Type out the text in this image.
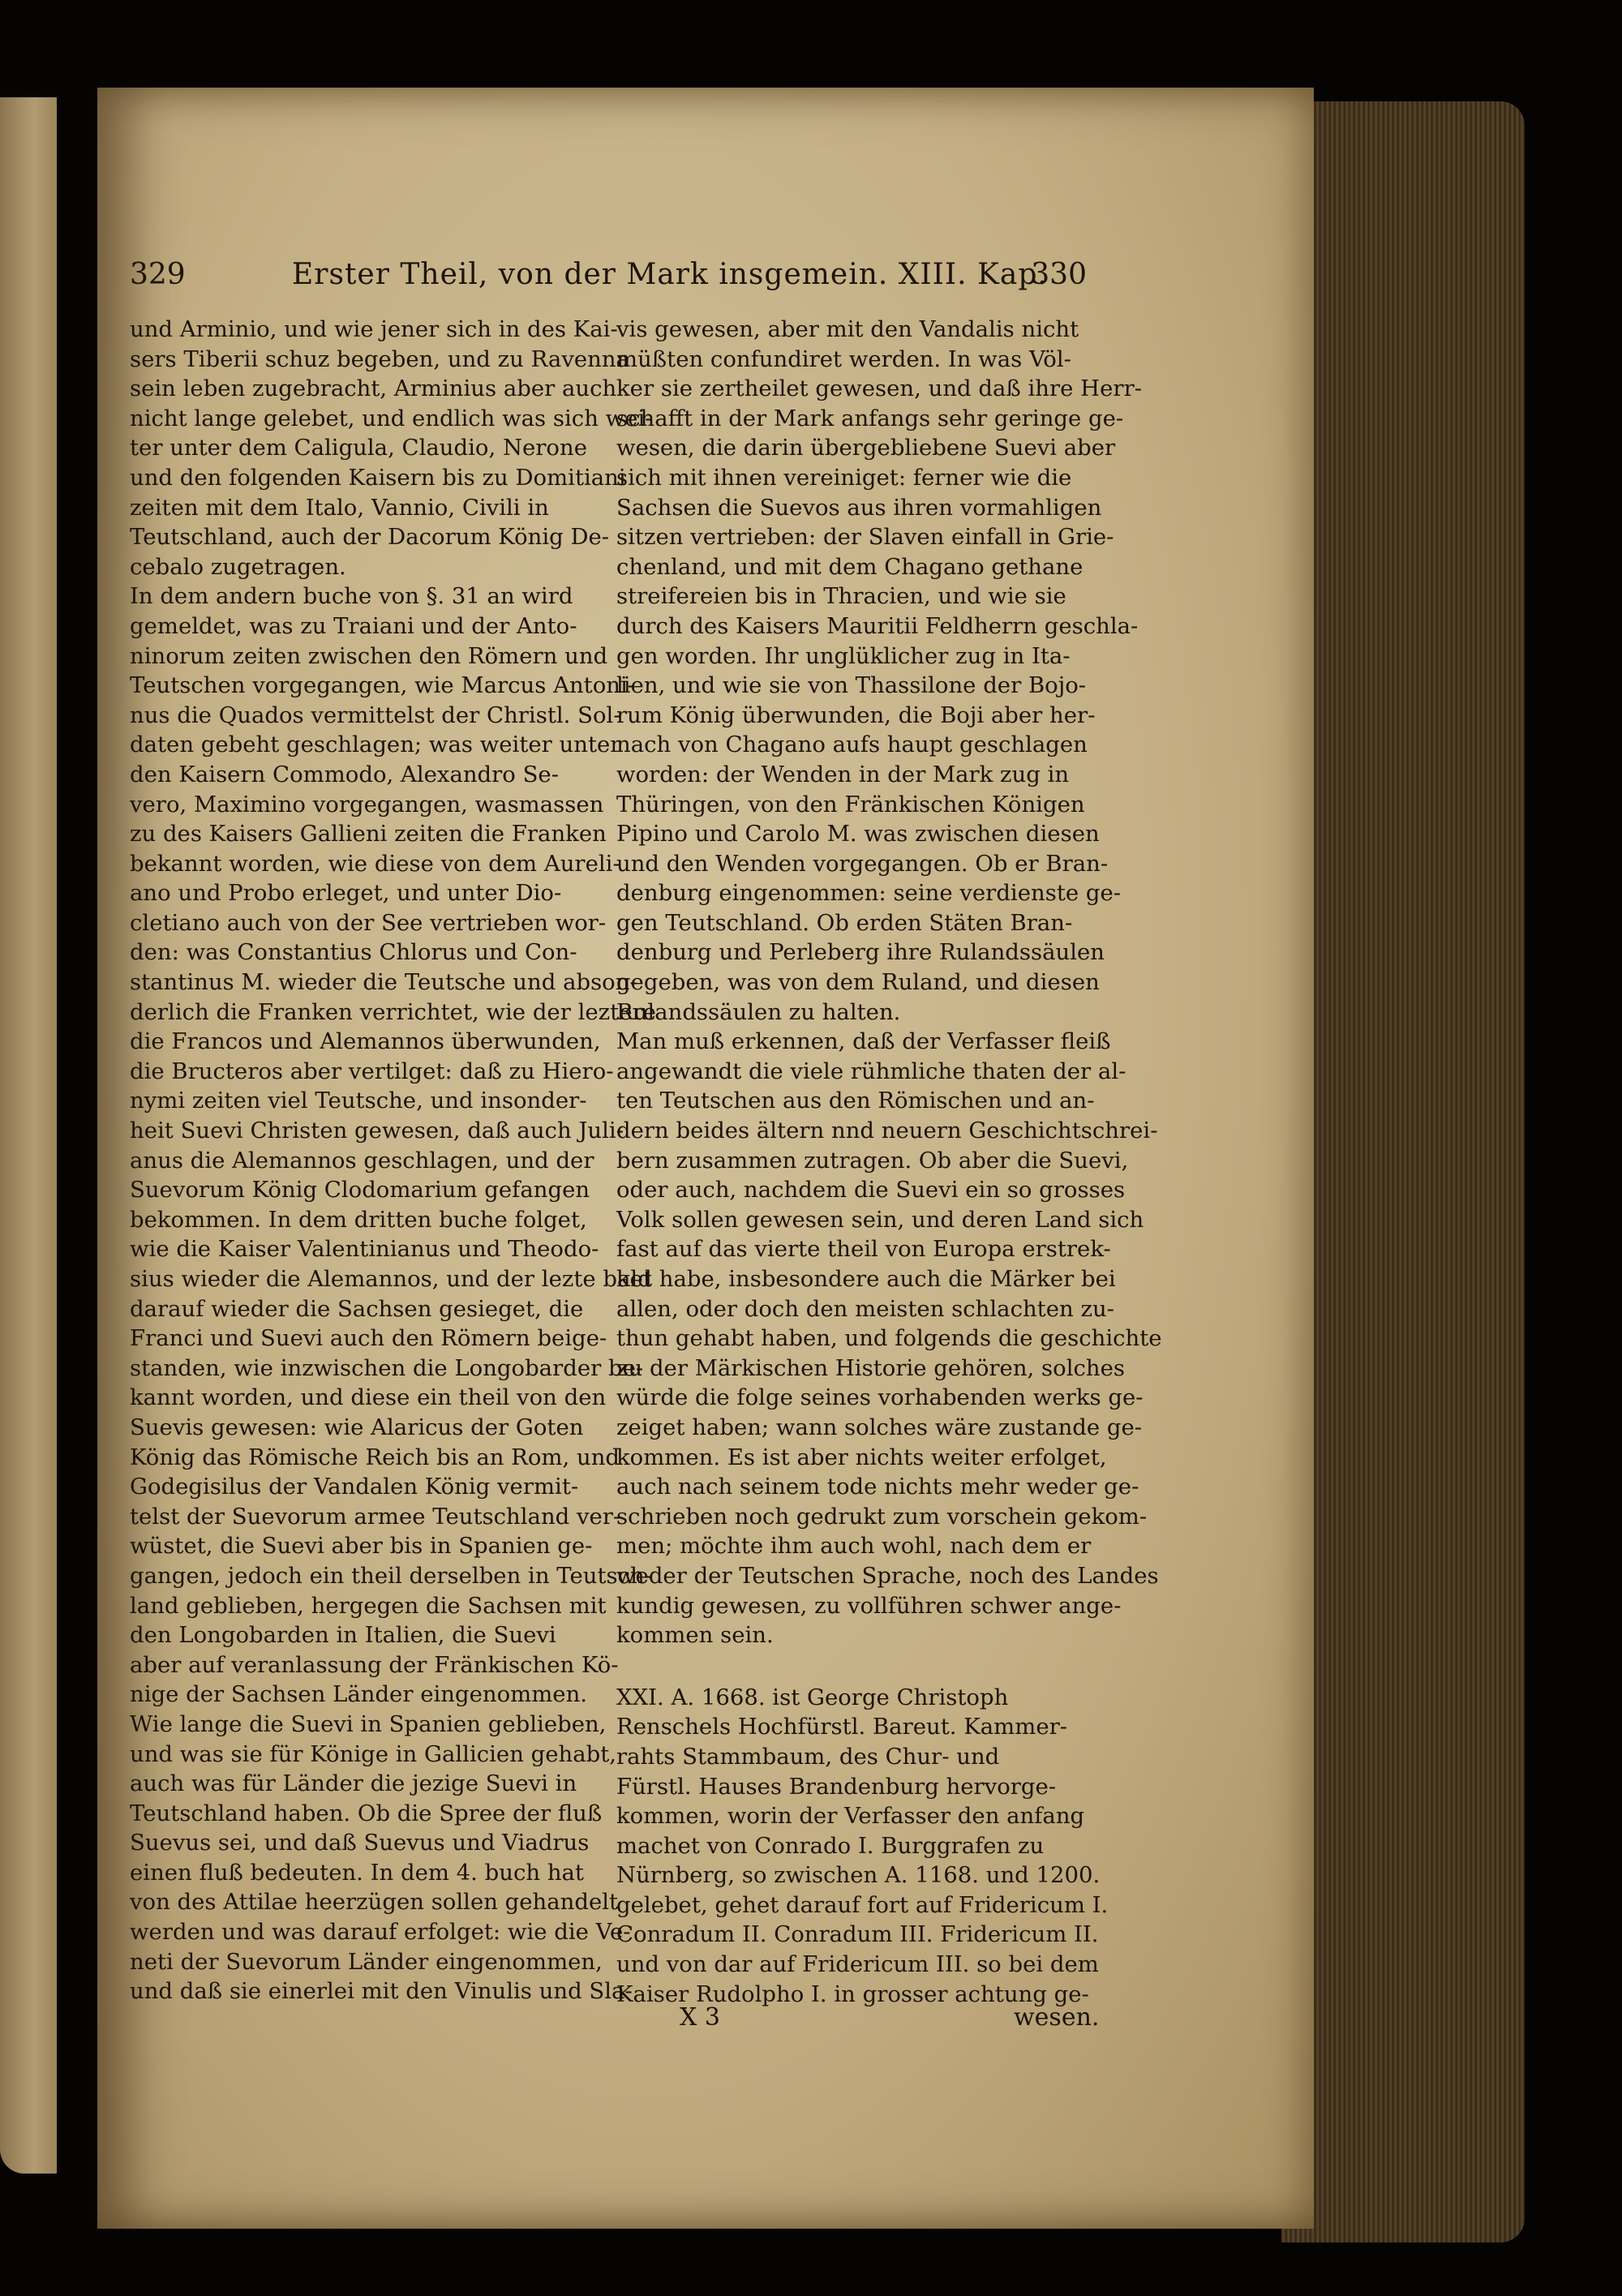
329	Erster Theil, von der Mark insgemein. XIII. Kap.
330
und Arminio, und wie jener sich in des Kai-
sers Tiberii schuz begeben, und zu Ravenna
sein leben zugebracht, Arminius aber auch
nicht lange gelebet, und endlich was sich wei-
ter unter dem Caligula, Claudio, Nerone
und den folgenden Kaisern bis zu Domitiani
zeiten mit dem Italo, Vannio, Civili in
Teutschland, auch der Dacorum König De-
cebalo zugetragen.
In dem andern buche von §. 31 an wird
gemeldet, was zu Traiani und der Anto-
ninorum zeiten zwischen den Römern und
Teutschen vorgegangen, wie Marcus Antoni-
nus die Quados vermittelst der Christl. Sol-
daten gebeht geschlagen; was weiter unter
den Kaisern Commodo, Alexandro Se-
vero, Maximino vorgegangen, wasmassen
zu des Kaisers Gallieni zeiten die Franken
bekannt worden, wie diese von dem Aureli-
ano und Probo erleget, und unter Dio-
cletiano auch von der See vertrieben wor-
den: was Constantius Chlorus und Con-
stantinus M. wieder die Teutsche und abson-
derlich die Franken verrichtet, wie der leztere
die Francos und Alemannos überwunden,
die Bructeros aber vertilget: daß zu Hiero-
nymi zeiten viel Teutsche, und insonder-
heit Suevi Christen gewesen, daß auch Juli-
anus die Alemannos geschlagen, und der
Suevorum König Clodomarium gefangen
bekommen. In dem dritten buche folget,
wie die Kaiser Valentinianus und Theodo-
sius wieder die Alemannos, und der lezte bald
darauf wieder die Sachsen gesieget, die
Franci und Suevi auch den Römern beige-
standen, wie inzwischen die Longobarder be-
kannt worden, und diese ein theil von den
Suevis gewesen: wie Alaricus der Goten
König das Römische Reich bis an Rom, und
Godegisilus der Vandalen König vermit-
telst der Suevorum armee Teutschland ver-
wüstet, die Suevi aber bis in Spanien ge-
gangen, jedoch ein theil derselben in Teutsch-
land geblieben, hergegen die Sachsen mit
den Longobarden in Italien, die Suevi
aber auf veranlassung der Fränkischen Kö-
nige der Sachsen Länder eingenommen.
Wie lange die Suevi in Spanien geblieben,
und was sie für Könige in Gallicien gehabt,
auch was für Länder die jezige Suevi in
Teutschland haben. Ob die Spree der fluß
Suevus sei, und daß Suevus und Viadrus
einen fluß bedeuten. In dem 4. buch hat
von des Attilae heerzügen sollen gehandelt
werden und was darauf erfolget: wie die Ve-
neti der Suevorum Länder eingenommen,
und daß sie einerlei mit den Vinulis und Sla-
vis gewesen, aber mit den Vandalis nicht
müßten confundiret werden. In was Völ-
ker sie zertheilet gewesen, und daß ihre Herr-
schafft in der Mark anfangs sehr geringe ge-
wesen, die darin übergebliebene Suevi aber
sich mit ihnen vereiniget: ferner wie die
Sachsen die Suevos aus ihren vormahligen
sitzen vertrieben: der Slaven einfall in Grie-
chenland, und mit dem Chagano gethane
streifereien bis in Thracien, und wie sie
durch des Kaisers Mauritii Feldherrn geschla-
gen worden. Ihr unglüklicher zug in Ita-
lien, und wie sie von Thassilone der Bojo-
rum König überwunden, die Boji aber her-
nach von Chagano aufs haupt geschlagen
worden: der Wenden in der Mark zug in
Thüringen, von den Fränkischen Königen
Pipino und Carolo M. was zwischen diesen
und den Wenden vorgegangen. Ob er Bran-
denburg eingenommen: seine verdienste ge-
gen Teutschland. Ob erden Stäten Bran-
denburg und Perleberg ihre Rulandssäulen
gegeben, was von dem Ruland, und diesen
Rulandssäulen zu halten.
Man muß erkennen, daß der Verfasser fleiß
angewandt die viele rühmliche thaten der al-
ten Teutschen aus den Römischen und an-
dern beides ältern nnd neuern Geschichtschrei-
bern zusammen zutragen. Ob aber die Suevi,
oder auch, nachdem die Suevi ein so grosses
Volk sollen gewesen sein, und deren Land sich
fast auf das vierte theil von Europa erstrek-
ket habe, insbesondere auch die Märker bei
allen, oder doch den meisten schlachten zu-
thun gehabt haben, und folgends die geschichte
zu der Märkischen Historie gehören, solches
würde die folge seines vorhabenden werks ge-
zeiget haben; wann solches wäre zustande ge-
kommen. Es ist aber nichts weiter erfolget,
auch nach seinem tode nichts mehr weder ge-
schrieben noch gedrukt zum vorschein gekom-
men; möchte ihm auch wohl, nach dem er
weder der Teutschen Sprache, noch des Landes
kundig gewesen, zu vollführen schwer ange-
kommen sein.
XXI. A. 1668. ist George Christoph
Renschels Hochfürstl. Bareut. Kammer-
rahts Stammbaum, des Chur- und
Fürstl. Hauses Brandenburg hervorge-
kommen, worin der Verfasser den anfang
machet von Conrado I. Burggrafen zu
Nürnberg, so zwischen A. 1168. und 1200.
gelebet, gehet darauf fort auf Fridericum I.
Conradum II. Conradum III. Fridericum II.
und von dar auf Fridericum III. so bei dem
Kaiser Rudolpho I. in grosser achtung ge-
X 3	wesen.
